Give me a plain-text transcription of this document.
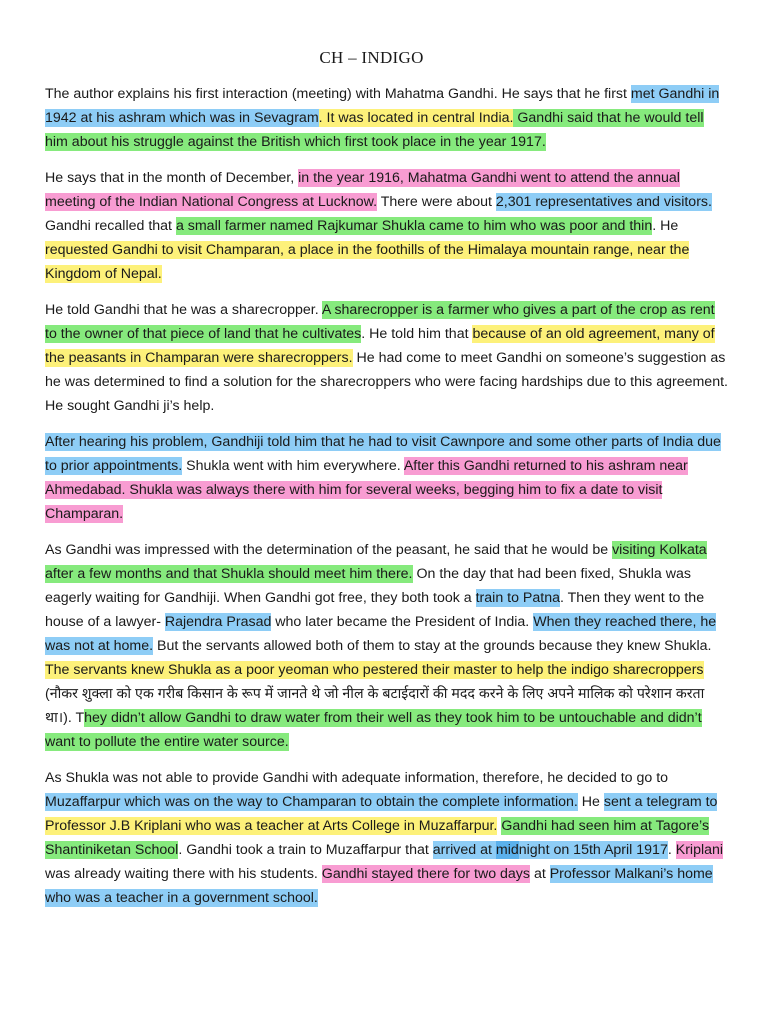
CH – INDIGO

The author explains his first interaction (meeting) with Mahatma Gandhi. He says that he first met Gandhi in 1942 at his ashram which was in Sevagram. It was located in central India. Gandhi said that he would tell him about his struggle against the British which first took place in the year 1917.

He says that in the month of December, in the year 1916, Mahatma Gandhi went to attend the annual meeting of the Indian National Congress at Lucknow. There were about 2,301 representatives and visitors. Gandhi recalled that a small farmer named Rajkumar Shukla came to him who was poor and thin. He requested Gandhi to visit Champaran, a place in the foothills of the Himalaya mountain range, near the Kingdom of Nepal.

He told Gandhi that he was a sharecropper. A sharecropper is a farmer who gives a part of the crop as rent to the owner of that piece of land that he cultivates. He told him that because of an old agreement, many of the peasants in Champaran were sharecroppers. He had come to meet Gandhi on someone’s suggestion as he was determined to find a solution for the sharecroppers who were facing hardships due to this agreement. He sought Gandhi ji’s help.

After hearing his problem, Gandhiji told him that he had to visit Cawnpore and some other parts of India due to prior appointments. Shukla went with him everywhere. After this Gandhi returned to his ashram near Ahmedabad. Shukla was always there with him for several weeks, begging him to fix a date to visit Champaran.

As Gandhi was impressed with the determination of the peasant, he said that he would be visiting Kolkata after a few months and that Shukla should meet him there. On the day that had been fixed, Shukla was eagerly waiting for Gandhiji. When Gandhi got free, they both took a train to Patna. Then they went to the house of a lawyer- Rajendra Prasad who later became the President of India. When they reached there, he was not at home. But the servants allowed both of them to stay at the grounds because they knew Shukla. The servants knew Shukla as a poor yeoman who pestered their master to help the indigo sharecroppers (नौकर शुक्ला को एक गरीब किसान के रूप में जानते थे जो नील के बटाईदारों की मदद करने के लिए अपने मालिक को परेशान करता था।). They didn’t allow Gandhi to draw water from their well as they took him to be untouchable and didn’t want to pollute the entire water source.

As Shukla was not able to provide Gandhi with adequate information, therefore, he decided to go to Muzaffarpur which was on the way to Champaran to obtain the complete information. He sent a telegram to Professor J.B Kriplani who was a teacher at Arts College in Muzaffarpur. Gandhi had seen him at Tagore’s Shantiniketan School. Gandhi took a train to Muzaffarpur that arrived at midnight on 15th April 1917. Kriplani was already waiting there with his students. Gandhi stayed there for two days at Professor Malkani’s home who was a teacher in a government school.
